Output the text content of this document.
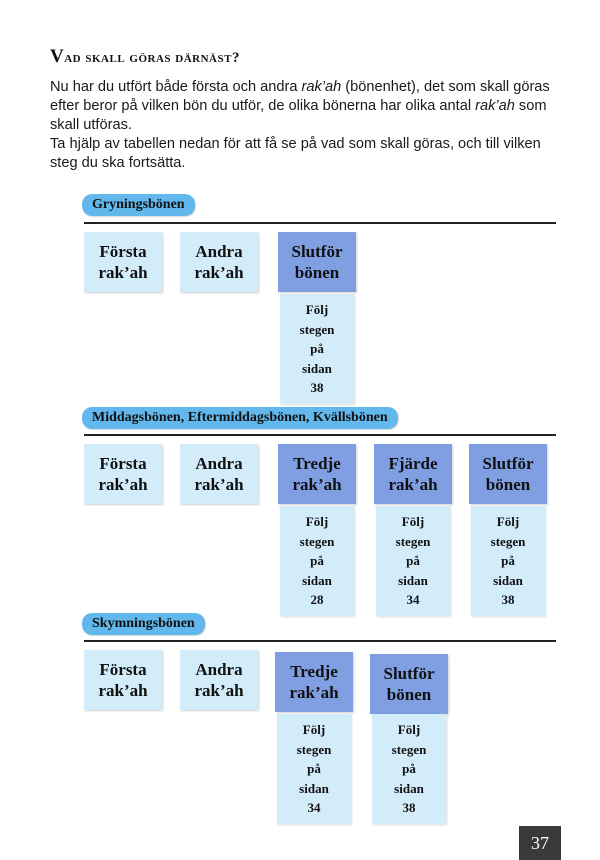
Vad skall göras därnäst?

Nu har du utfört både första och andra rak’ah (bönenhet), det som skall göras efter beror på vilken bön du utför, de olika bönerna har olika antal rak’ah som skall utföras.

Ta hjälp av tabellen nedan för att få se på vad som skall göras, och till vilken steg du ska fortsätta.

Gryningsbönen
Första
rak’ah
Andra
rak’ah
Slutför
bönen
Följ
stegen
på
sidan
38
Middagsbönen, Eftermiddagsbönen, Kvällsbönen
Första
rak’ah
Andra
rak’ah
Tredje
rak’ah
Fjärde
rak’ah
Slutför
bönen
Följ
stegen
på
sidan
28
Följ
stegen
på
sidan
34
Följ
stegen
på
sidan
38
Skymningsbönen
Första
rak’ah
Andra
rak’ah
Tredje
rak’ah
Slutför
bönen
Följ
stegen
på
sidan
34
Följ
stegen
på
sidan
38
37
